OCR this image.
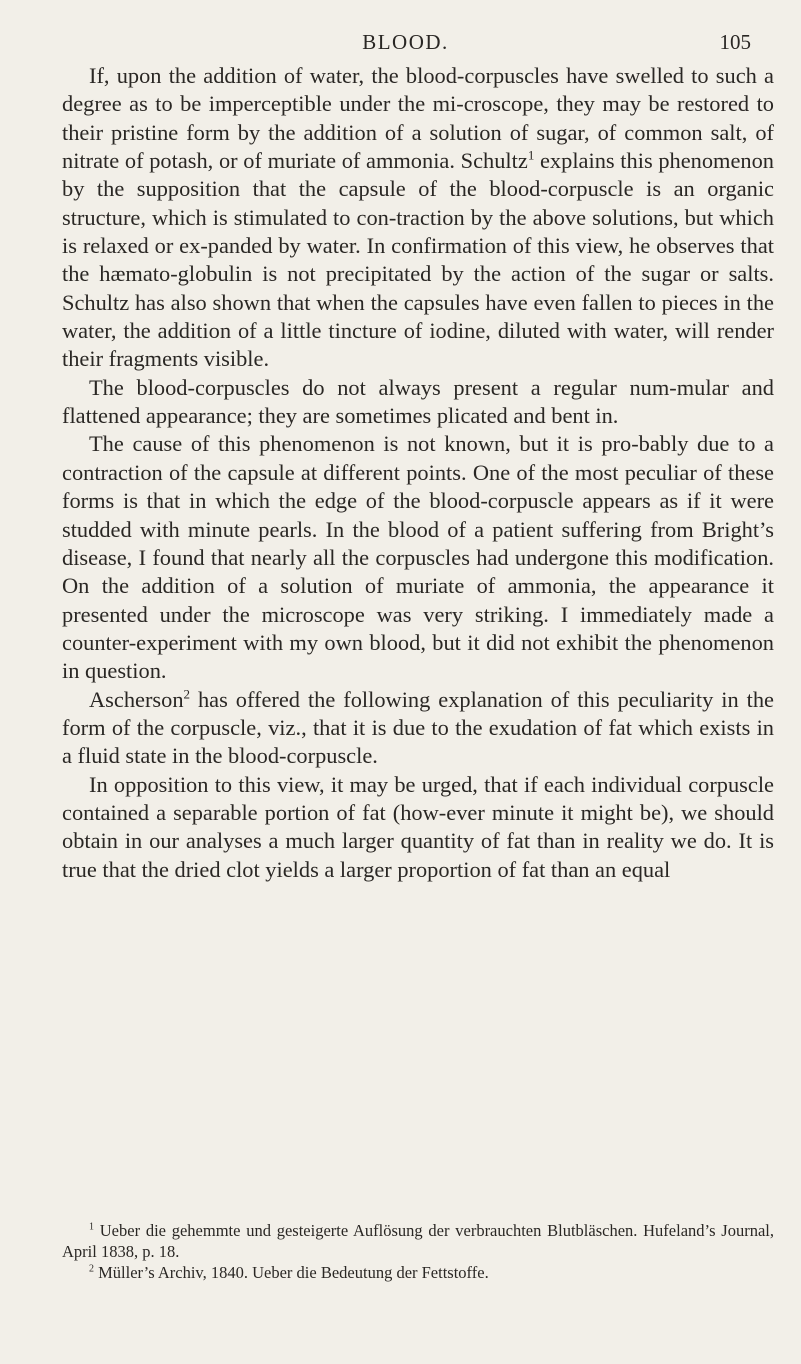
BLOOD.	105

If, upon the addition of water, the blood-corpuscles have swelled to such a degree as to be imperceptible under the mi-croscope, they may be restored to their pristine form by the addition of a solution of sugar, of common salt, of nitrate of potash, or of muriate of ammonia. Schultz$^1$ explains this phenomenon by the supposition that the capsule of the blood-corpuscle is an organic structure, which is stimulated to con-traction by the above solutions, but which is relaxed or ex-panded by water. In confirmation of this view, he observes that the hæmato-globulin is not precipitated by the action of the sugar or salts. Schultz has also shown that when the capsules have even fallen to pieces in the water, the addition of a little tincture of iodine, diluted with water, will render their fragments visible.

The blood-corpuscles do not always present a regular num-mular and flattened appearance; they are sometimes plicated and bent in.

The cause of this phenomenon is not known, but it is pro-bably due to a contraction of the capsule at different points. One of the most peculiar of these forms is that in which the edge of the blood-corpuscle appears as if it were studded with minute pearls. In the blood of a patient suffering from Bright’s disease, I found that nearly all the corpuscles had undergone this modification. On the addition of a solution of muriate of ammonia, the appearance it presented under the microscope was very striking. I immediately made a counter-experiment with my own blood, but it did not exhibit the phenomenon in question.

Ascherson$^2$ has offered the following explanation of this peculiarity in the form of the corpuscle, viz., that it is due to the exudation of fat which exists in a fluid state in the blood-corpuscle.

In opposition to this view, it may be urged, that if each individual corpuscle contained a separable portion of fat (how-ever minute it might be), we should obtain in our analyses a much larger quantity of fat than in reality we do. It is true that the dried clot yields a larger proportion of fat than an equal

$^1$ Ueber die gehemmte und gesteigerte Auflösung der verbrauchten Blutbläschen. Hufeland’s Journal, April 1838, p. 18.

$^2$ Müller’s Archiv, 1840. Ueber die Bedeutung der Fettstoffe.
